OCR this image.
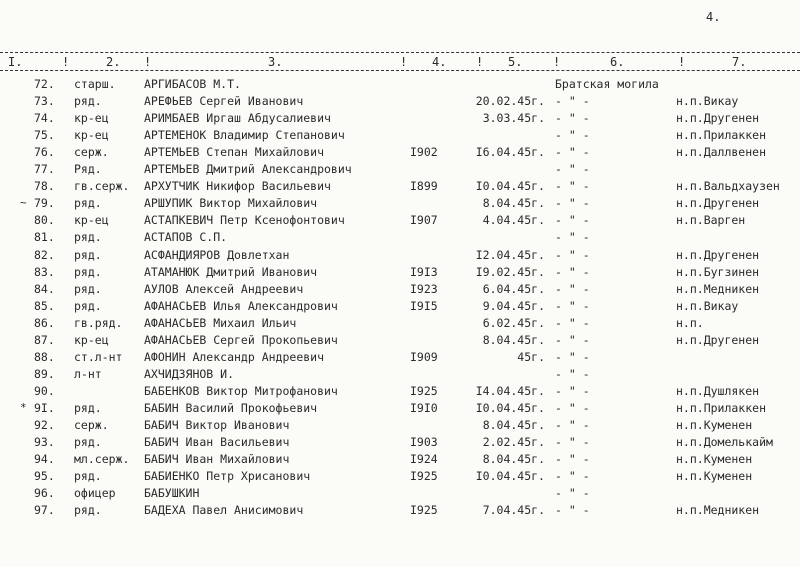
4.
I.	!	2. !	3.	! 4. ! 5.	!	6.	!	7.
72. старш. АРГИБАСОВ М.Т.	Братская могила
73. ряд.	АРЕФЬЕВ Сергей Иванович	20.02.45г. - " -	н.п.Викау
74. кр-ец	АРИМБАЕВ Иргаш Абдусалиевич	3.03.45г. - " -	н.п.Другенен
75. кр-ец	АРТЕМЕНОК Владимир Степанович	- " -	н.п.Прилаккен
76. серж.	АРТЕМЬЕВ Степан Михайлович	I902	I6.04.45г. - " -	н.п.Даллвенен
77. Ряд.	АРТЕМЬЕВ Дмитрий Александрович	- " -
78. гв.серж. АРХУТЧИК Никифор Васильевич	I899	I0.04.45г. - " -	н.п.Вальдхаузен
~ 79. ряд.	АРШУПИК Виктор Михайлович	8.04.45г. - " -	н.п.Другенен
80. кр-ец	АСТАПКЕВИЧ Петр Ксенофонтович	I907	4.04.45г. - " -	н.п.Варген
81. ряд.	АСТАПОВ С.П.	- " -
82. ряд.	АСФАНДИЯРОВ Довлетхан	I2.04.45г. - " -	н.п.Другенен
83. ряд.	АТАМАНЮК Дмитрий Иванович	I9I3	I9.02.45г. - " -	н.п.Бугзинен
84. ряд.	АУЛОВ Алексей Андреевич	I923	6.04.45г. - " -	н.п.Медникен
85. ряд.	АФАНАСЬЕВ Илья Александрович	I9I5	9.04.45г. - " -	н.п.Викау
86. гв.ряд. АФАНАСЬЕВ Михаил Ильич	6.02.45г. - " -	н.п.
87. кр-ец	АФАНАСЬЕВ Сергей Прокопьевич	8.04.45г. - " -	н.п.Другенен
88. ст.л-нт АФОНИН Александр Андреевич	I909	45г. - " -
89. л-нт	АХЧИДЗЯНОВ И.	- " -
90.	БАБЕНКОВ Виктор Митрофанович	I925	I4.04.45г. - " -	н.п.Душлякен
* 9I. ряд.	БАБИН Василий Прокофьевич	I9I0	I0.04.45г. - " -	н.п.Прилаккен
92. серж.	БАБИЧ Виктор Иванович	8.04.45г. - " -	н.п.Куменен
93. ряд.	БАБИЧ Иван Васильевич	I903	2.02.45г. - " -	н.п.Домелькайм
94. мл.серж. БАБИЧ Иван Михайлович	I924	8.04.45г. - " -	н.п.Куменен
95. ряд.	БАБИЕНКО Петр Хрисанович	I925	I0.04.45г. - " -	н.п.Куменен
96. офицер БАБУШКИН	- " -
97. ряд.	БАДЕХА Павел Анисимович	I925	7.04.45г. - " -	н.п.Медникен
